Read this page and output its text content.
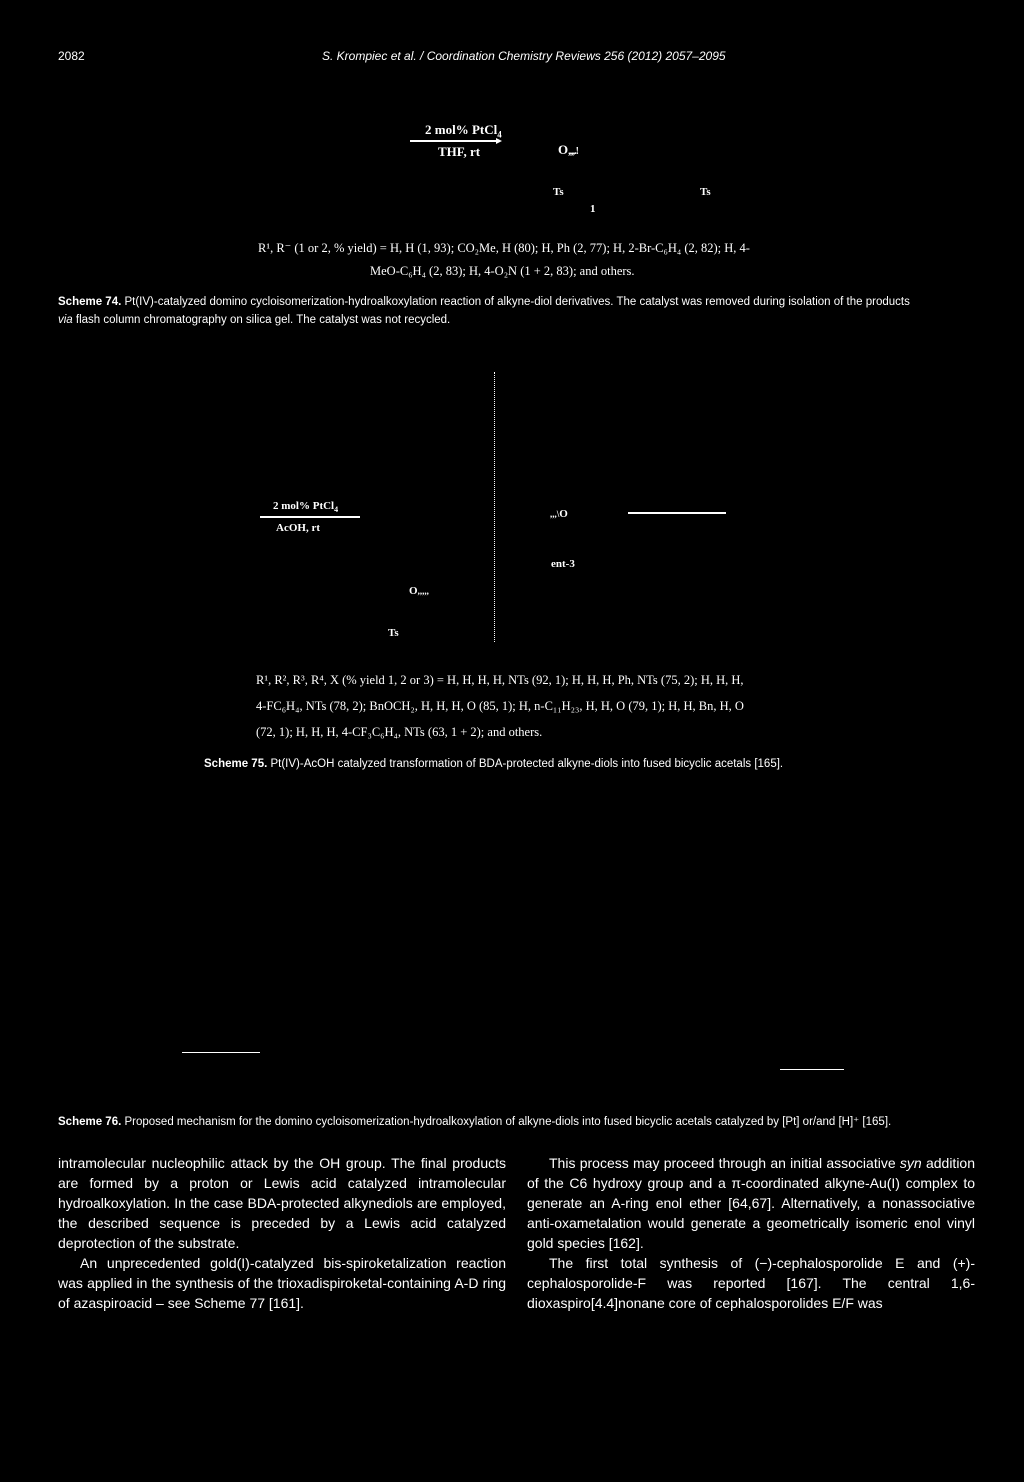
2082	S. Krompiec et al. / Coordination Chemistry Reviews 256 (2012) 2057–2095
2 mol% PtCl$_4$
THF, rt	O,,,,.!
Ts
1
Ts
R¹, R⁻ (1 or 2, % yield) = H, H (1, 93); CO₂Me, H (80); H, Ph (2, 77); H, 2-Br-C₆H₄ (2, 82); H, 4-
MeO-C₆H₄ (2, 83); H, 4-O₂N (1 + 2, 83); and others.
Scheme 74. Pt(IV)-catalyzed domino cycloisomerization-hydroalkoxylation reaction of alkyne-diol derivatives. The catalyst was removed during isolation of the products
via flash column chromatography on silica gel. The catalyst was not recycled.
2 mol% PtCl$_4$
AcOH, rt
,,,\O
ent-3
O,,,,,
Ts
R¹, R², R³, R⁴, X (% yield 1, 2 or 3) = H, H, H, H, NTs (92, 1); H, H, H, Ph, NTs (75, 2); H, H, H,
4-FC₆H₄, NTs (78, 2); BnOCH₂, H, H, H, O (85, 1); H, n-C₁₁H₂₃, H, H, O (79, 1); H, H, Bn, H, O
(72, 1); H, H, H, 4-CF₃C₆H₄, NTs (63, 1 + 2); and others.
Scheme 75. Pt(IV)-AcOH catalyzed transformation of BDA-protected alkyne-diols into fused bicyclic acetals [165].
Scheme 76. Proposed mechanism for the domino cycloisomerization-hydroalkoxylation of alkyne-diols into fused bicyclic acetals catalyzed by [Pt] or/and [H]⁺ [165].

intramolecular nucleophilic attack by the OH group. The final products are formed by a proton or Lewis acid catalyzed intramolecular hydroalkoxylation. In the case BDA-protected alkynediols are employed, the described sequence is preceded by a Lewis acid catalyzed deprotection of the substrate.

An unprecedented gold(I)-catalyzed bis-spiroketalization reaction was applied in the synthesis of the trioxadispiroketal-containing A-D ring of azaspiroacid – see Scheme 77 [161].

This process may proceed through an initial associative syn addition of the C6 hydroxy group and a π-coordinated alkyne-Au(I) complex to generate an A-ring enol ether [64,67]. Alternatively, a nonassociative anti-oxametalation would generate a geometrically isomeric enol vinyl gold species [162].

The first total synthesis of (−)-cephalosporolide E and (+)-cephalosporolide-F was reported [167]. The central 1,6-dioxaspiro[4.4]nonane core of cephalosporolides E/F was
